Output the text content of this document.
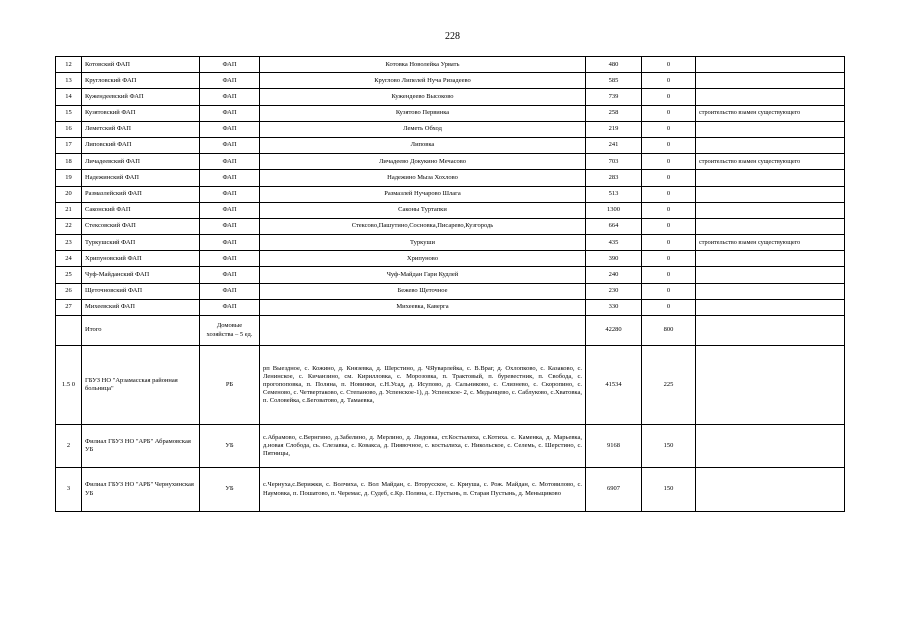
228
12	Котовский ФАП	ФАП	Котовка Новолейка Урвать	480	0	
13	Кругловский ФАП	ФАП	Круглово Липелей Нуча Ризадеево	585	0	
14	Кужендеевский ФАП	ФАП	Кужендеево Высоково	739	0	
15	Кузятовский ФАП	ФАП	Кузятово Первинка	258	0	строительство взамен существующего
16	Леметский ФАП	ФАП	Леметь Обход	219	0	
17	Липовский ФАП	ФАП	Липовка	241	0	
18	Личадеевский ФАП	ФАП	Личадеево Докукино Мечасово	703	0	строительство взамен существующего
19	Надежинский ФАП	ФАП	Надежино Мыза Хохлово	283	0	
20	Размазлейский ФАП	ФАП	Размазлей Нучарово Шлага	513	0	
21	Саконский ФАП	ФАП	Саконы Туртапки	1300	0	
22	Стексовский ФАП	ФАП	Стексово,Пашутино,Сосновка,Писарево,Кузгородь	664	0	
23	Туркушский ФАП	ФАП	Туркуши	435	0	строительство взамен существующего
24	Хрипуновский ФАП	ФАП	Хрипуново	390	0	
25	Чуф-Майданский ФАП	ФАП	Чуф-Майдан Гари Кудлей	240	0	
26	Щеточновский ФАП	ФАП	Бежево Щеточное	230	0	
27	Михеевский ФАП	ФАП	Михеевка, Каверга	330	0	
	Итого	Домовые хозяйства – 5 ед.		42280	800	
1.5 0	ГБУЗ НО "Арзамасская районная больница"	РБ	рп Выездное, с. Кожино, д. Князевка, д. Шерстино, д. ЧЯуварлейка, с. В.Враг, д. Охлопково, с. Казаково, с. Ленинское, с. Кичанзино, см. Кирилловка, с. Морозовка, п. Трактовый, п. буревестник, п. Свобода, с. прогопоповка, п. Поляна, п. Новинки, с.Н.Усад, д. Исупово, д. Сальниково, с. Слизнево, с. Скоропино, с. Семеново, с. Четвертаково, с. Степаново, д. Успенское-1), д. Успенское- 2, с. Медынцево, с. Саблуково, с.Хватовка, п. Соловейка, с.Беговатово, д. Тамаевка,	41534	225	
2	Филиал ГБУЗ НО "АРБ" Абрамовская УБ	УБ	с.Абрамово, с.Вернгино, д.Забелино, д. Мерлино, д. Лидовка, ст.Костылиха, с.Котиха. с. Каменка, д. Марьевка, д.новая Слобода, сь. Слезавка, с. Ковакса, д. Пиявочное, с. костылиха, с. Никольское, с. Селемь, с. Шерстино, с. Пятницы,	9168	150	
3	Филиал ГБУЗ НО "АРБ" Чернухинская УБ	УБ	с.Чернуха,с.Верижки, с. Волчиха, с. Вол Майдан, с. Вторусское, с. Криуша, с. Рож. Майдан, с. Мотовилово, с. Наумовка, п. Пошатово, п. Черемас, д. Судеб, с.Кр. Поляна, с. Пустынь, п. Старая Пустынь, д. Меньщиково	6907	150	
